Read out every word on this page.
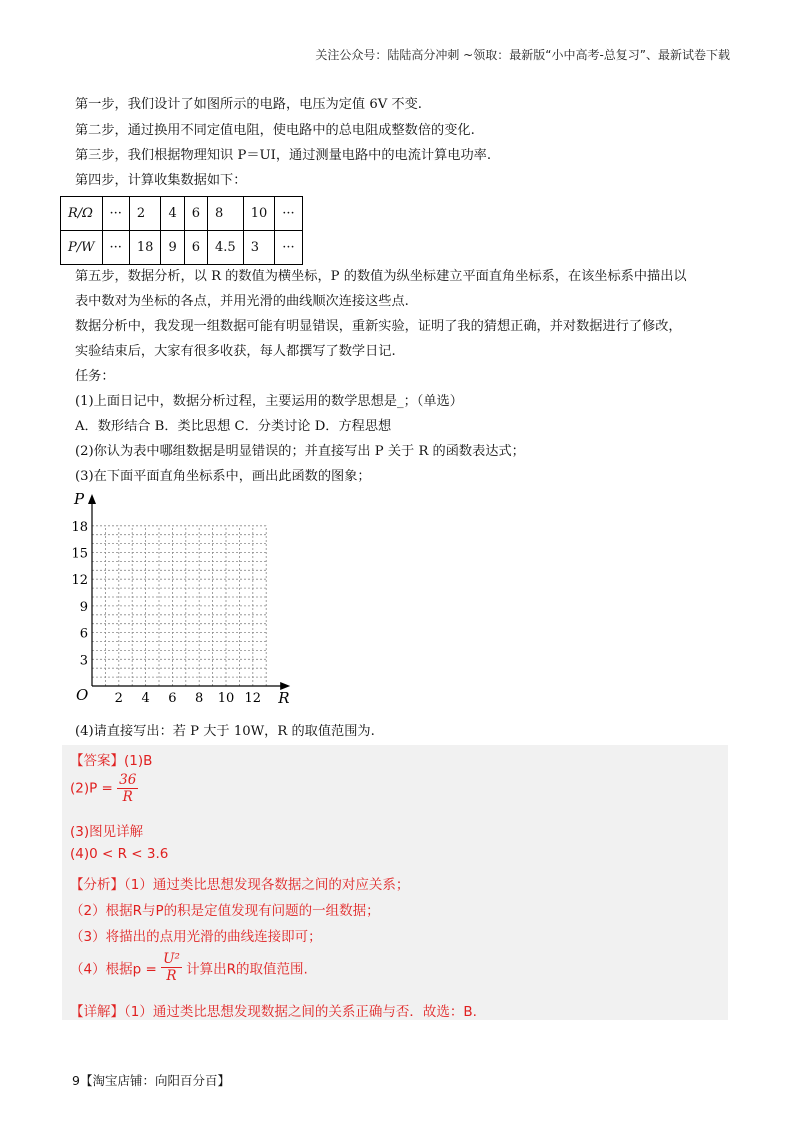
关注公众号：陆陆高分冲刺 ~领取：最新版“小中高考-总复习”、最新试卷下载
第一步，我们设计了如图所示的电路，电压为定值 6V 不变.
第二步，通过换用不同定值电阻，使电路中的总电阻成整数倍的变化.
第三步，我们根据物理知识 P＝UI，通过测量电路中的电流计算电功率.
第四步，计算收集数据如下：
R/Ω	···	2	4	6	8	10	···
P/W	···	18	9	6	4.5	3	···
第五步，数据分析，以 R 的数值为横坐标，P 的数值为纵坐标建立平面直角坐标系，在该坐标系中描出以
表中数对为坐标的各点，并用光滑的曲线顺次连接这些点.
数据分析中，我发现一组数据可能有明显错误，重新实验，证明了我的猜想正确，并对数据进行了修改，
实验结束后，大家有很多收获，每人都撰写了数学日记.
任务：
(1)上面日记中，数据分析过程，主要运用的数学思想是_；（单选）
A．数形结合 B．类比思想 C．分类讨论 D．方程思想
(2)你认为表中哪组数据是明显错误的；并直接写出 P 关于 R 的函数表达式；
(3)在下面平面直角坐标系中，画出此函数的图象；
3
6
9
12
15
18
2 4 6 8 10 12
P
R
O
(4)请直接写出：若 P 大于 10W，R 的取值范围为.
【答案】(1)B
$(2)P = \frac{36}{R}$
(3)图见详解
(4)0 < R < 3.6
【分析】（1）通过类比思想发现各数据之间的对应关系；
（2）根据R与P的积是定值发现有问题的一组数据；
（3）将描出的点用光滑的曲线连接即可；
（4）根据$p = \frac{\text{U²}}{R}$ 计算出R的取值范围.
【详解】（1）通过类比思想发现数据之间的关系正确与否．故选：B.
9【淘宝店铺：向阳百分百】
